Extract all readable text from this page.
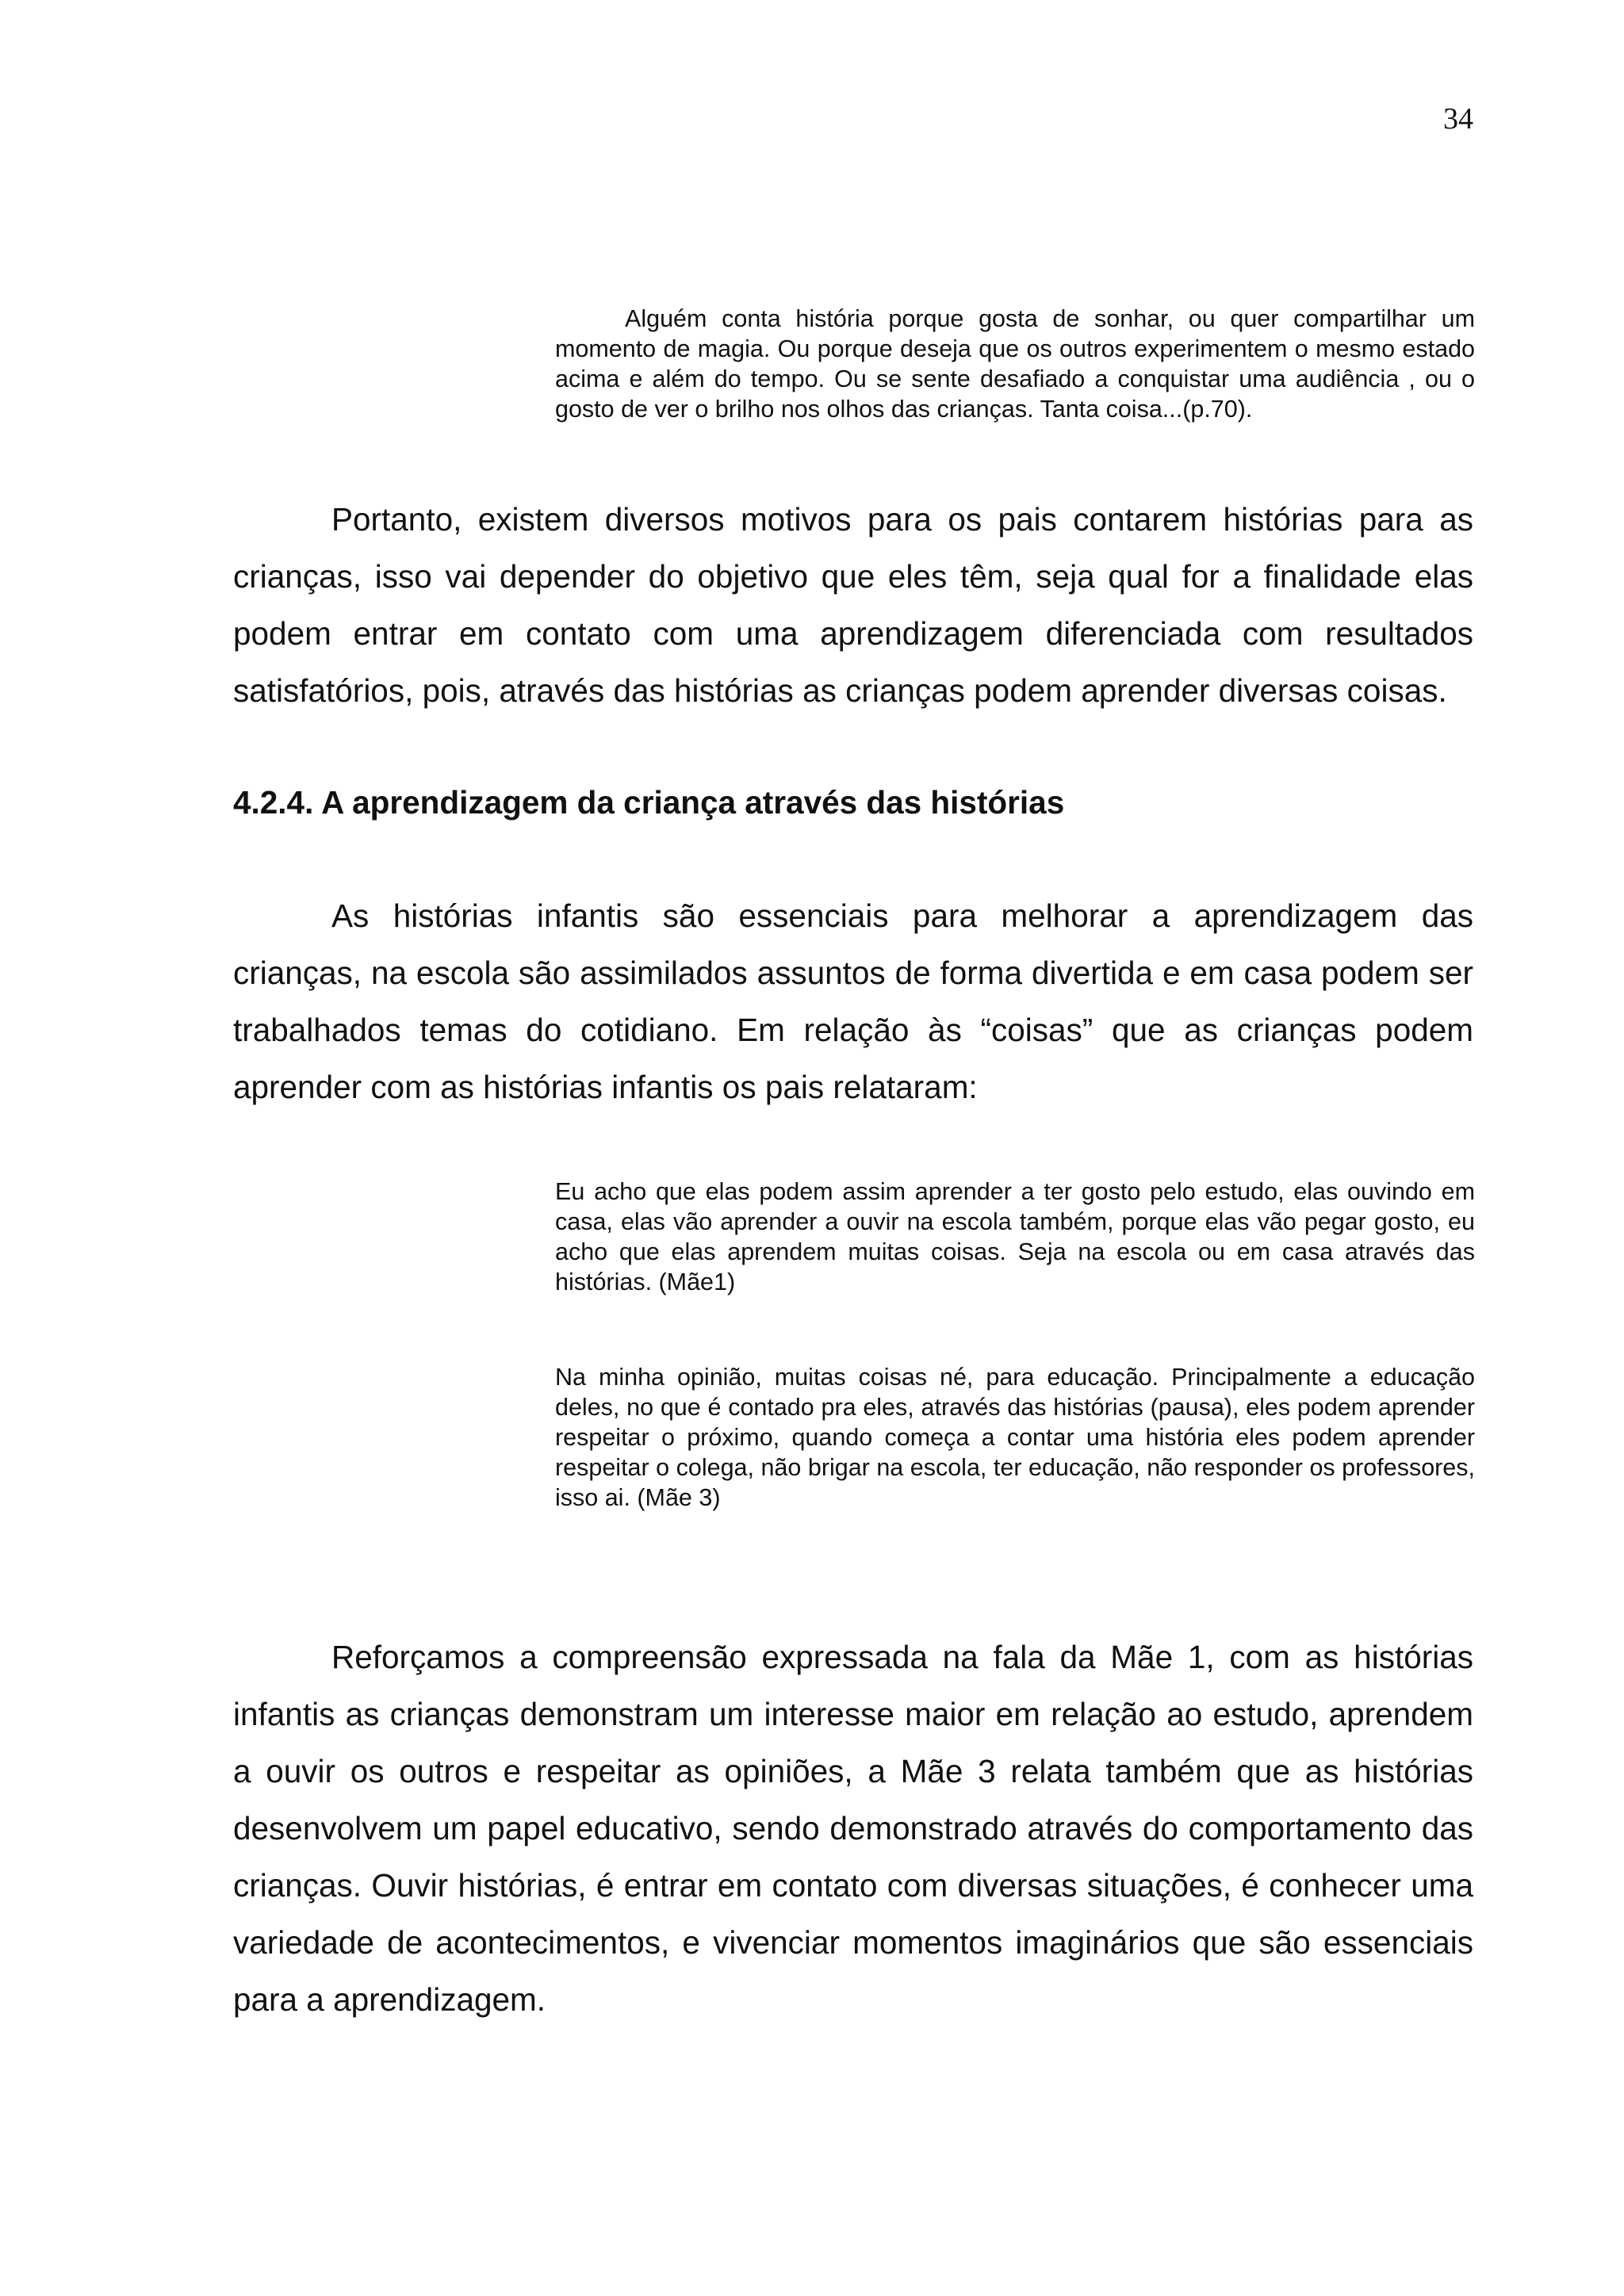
34
Alguém conta história porque gosta de sonhar, ou quer compartilhar um momento de magia. Ou porque deseja que os outros experimentem o mesmo estado acima e além do tempo. Ou se sente desafiado a conquistar uma audiência , ou o gosto de ver o brilho nos olhos das crianças. Tanta coisa...(p.70).

Portanto, existem diversos motivos para os pais contarem histórias para as crianças, isso vai depender do objetivo que eles têm, seja qual for a finalidade elas podem entrar em contato com uma aprendizagem diferenciada com resultados satisfatórios, pois, através das histórias as crianças podem aprender diversas coisas.

4.2.4. A aprendizagem da criança através das histórias

As histórias infantis são essenciais para melhorar a aprendizagem das crianças, na escola são assimilados assuntos de forma divertida e em casa podem ser trabalhados temas do cotidiano. Em relação às “coisas” que as crianças podem aprender com as histórias infantis os pais relataram:

Eu acho que elas podem assim aprender a ter gosto pelo estudo, elas ouvindo em casa, elas vão aprender a ouvir na escola também, porque elas vão pegar gosto, eu acho que elas aprendem muitas coisas. Seja na escola ou em casa através das histórias. (Mãe1)
Na minha opinião, muitas coisas né, para educação. Principalmente a educação deles, no que é contado pra eles, através das histórias (pausa), eles podem aprender respeitar o próximo, quando começa a contar uma história eles podem aprender respeitar o colega, não brigar na escola, ter educação, não responder os professores, isso ai. (Mãe 3)

Reforçamos a compreensão expressada na fala da Mãe 1, com as histórias infantis as crianças demonstram um interesse maior em relação ao estudo, aprendem a ouvir os outros e respeitar as opiniões, a Mãe 3 relata também que as histórias desenvolvem um papel educativo, sendo demonstrado através do comportamento das crianças. Ouvir histórias, é entrar em contato com diversas situações, é conhecer uma variedade de acontecimentos, e vivenciar momentos imaginários que são essenciais para a aprendizagem.
